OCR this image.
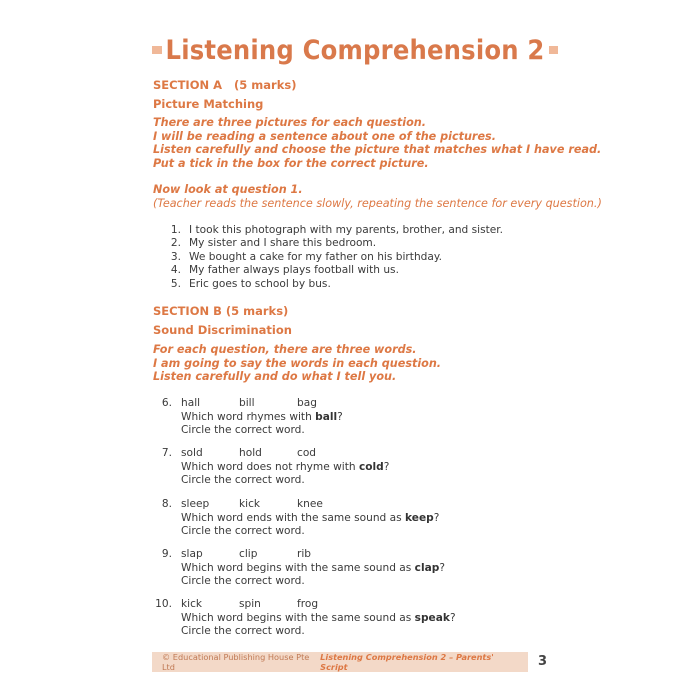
Listening Comprehension 2
SECTION A (5 marks)
Picture Matching
There are three pictures for each question.
I will be reading a sentence about one of the pictures.
Listen carefully and choose the picture that matches what I have read.
Put a tick in the box for the correct picture.
Now look at question 1.
(Teacher reads the sentence slowly, repeating the sentence for every question.)
1. I took this photograph with my parents, brother, and sister.
2. My sister and I share this bedroom.
3. We bought a cake for my father on his birthday.
4. My father always plays football with us.
5. Eric goes to school by bus.
SECTION B (5 marks)
Sound Discrimination
For each question, there are three words.
I am going to say the words in each question.
Listen carefully and do what I tell you.
6. hall	bill	bag
Which word rhymes with ball?
Circle the correct word.
7. sold	hold	cod
Which word does not rhyme with cold?
Circle the correct word.
8. sleep	kick	knee
Which word ends with the same sound as keep?
Circle the correct word.
9. slap	clip	rib
Which word begins with the same sound as clap?
Circle the correct word.
10. kick	spin	frog
Which word begins with the same sound as speak?
Circle the correct word.
© Educational Publishing House Pte Ltd
Listening Comprehension 2 – Parents' Script	3
